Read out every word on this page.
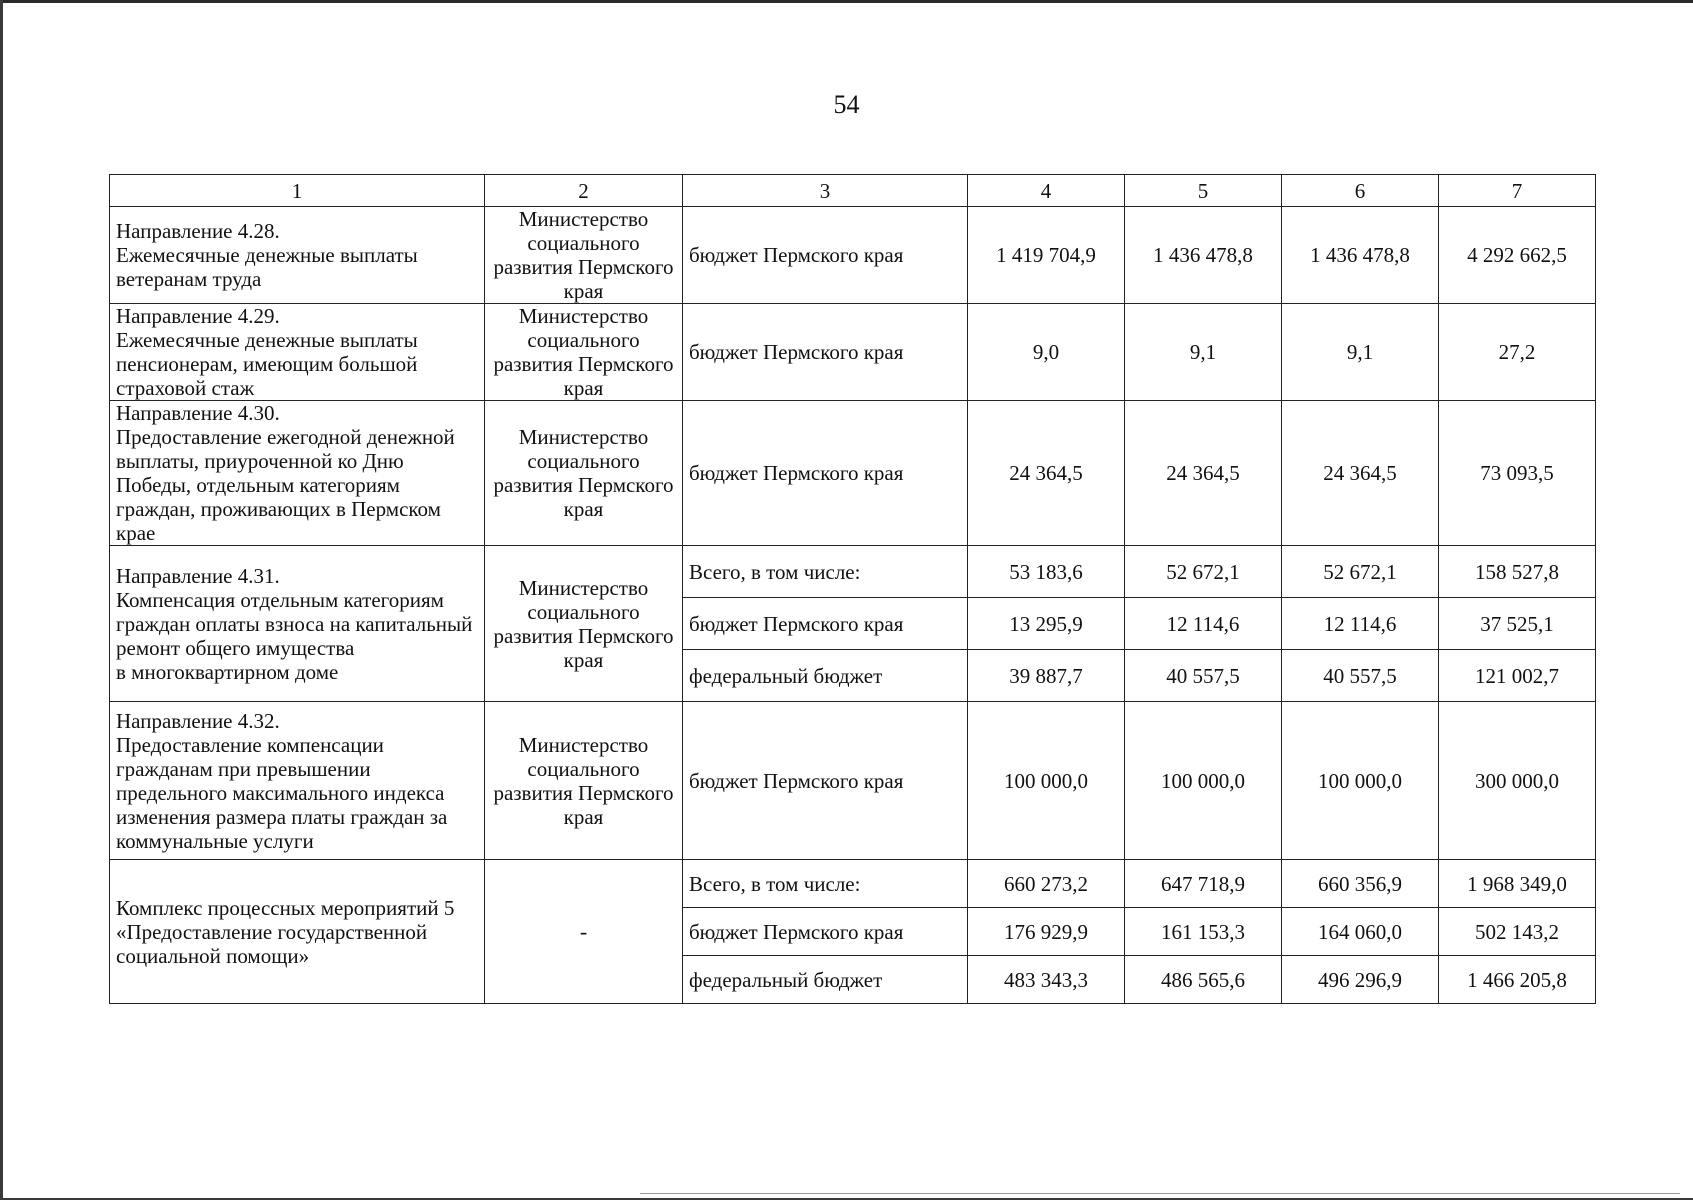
54
1	2	3	4	5	6	7
Направление 4.28.
Ежемесячные денежные выплаты ветеранам труда	Министерство социального развития Пермского края	бюджет Пермского края	1 419 704,9	1 436 478,8	1 436 478,8	4 292 662,5
Направление 4.29.
Ежемесячные денежные выплаты пенсионерам, имеющим большой страховой стаж	Министерство социального развития Пермского края	бюджет Пермского края	9,0	9,1	9,1	27,2
Направление 4.30.
Предоставление ежегодной денежной выплаты, приуроченной ко Дню Победы, отдельным категориям граждан, проживающих в Пермском крае	Министерство социального развития Пермского края	бюджет Пермского края	24 364,5	24 364,5	24 364,5	73 093,5
Направление 4.31.
Компенсация отдельным категориям граждан оплаты взноса на капитальный ремонт общего имущества
в многоквартирном доме	Министерство социального развития Пермского края	Всего, в том числе:	53 183,6	52 672,1	52 672,1	158 527,8
		бюджет Пермского края	13 295,9	12 114,6	12 114,6	37 525,1
		федеральный бюджет	39 887,7	40 557,5	40 557,5	121 002,7
Направление 4.32.
Предоставление компенсации гражданам при превышении предельного максимального индекса изменения размера платы граждан за коммунальные услуги	Министерство социального развития Пермского края	бюджет Пермского края	100 000,0	100 000,0	100 000,0	300 000,0
Комплекс процессных мероприятий 5
«Предоставление государственной социальной помощи»	-	Всего, в том числе:	660 273,2	647 718,9	660 356,9	1 968 349,0
		бюджет Пермского края	176 929,9	161 153,3	164 060,0	502 143,2
		федеральный бюджет	483 343,3	486 565,6	496 296,9	1 466 205,8
